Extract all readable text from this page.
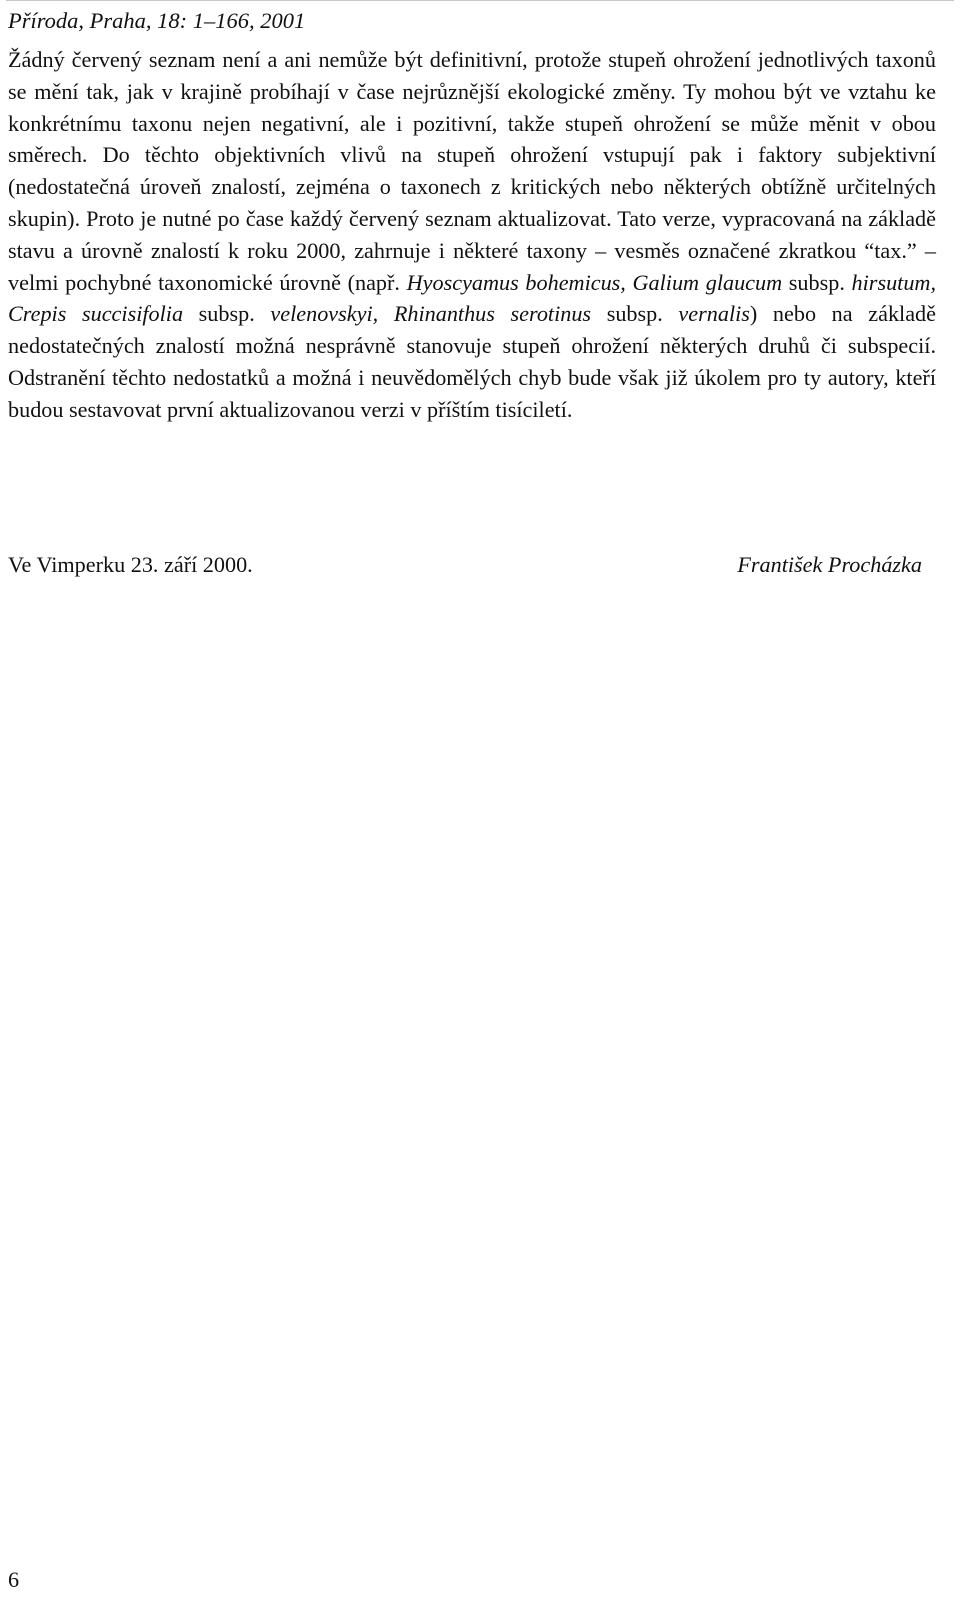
Příroda, Praha, 18: 1–166, 2001

Žádný červený seznam není a ani nemůže být definitivní, protože stupeň ohrožení jednotlivých taxonů se mění tak, jak v krajině probíhají v čase nejrůznější ekologické změny. Ty mohou být ve vztahu ke konkrétnímu taxonu nejen negativní, ale i pozitivní, takže stupeň ohrožení se může měnit v obou směrech. Do těchto objektivních vlivů na stupeň ohrožení vstupují pak i faktory subjektivní (nedostatečná úroveň znalostí, zejména o taxonech z kritických nebo některých obtížně určitelných skupin). Proto je nutné po čase každý červený seznam aktualizovat. Tato verze, vypracovaná na základě stavu a úrovně znalostí k roku 2000, zahrnuje i některé taxony – vesměs označené zkratkou “tax.” – velmi pochybné taxonomické úrovně (např. Hyoscyamus bohemicus, Galium glaucum subsp. hirsutum, Crepis succisifolia subsp. velenovskyi, Rhinanthus serotinus subsp. vernalis) nebo na základě nedostatečných znalostí možná nesprávně stanovuje stupeň ohrožení některých druhů či subspecií. Odstranění těchto nedostatků a možná i neuvědomělých chyb bude však již úkolem pro ty autory, kteří budou sestavovat první aktualizovanou verzi v příštím tisíciletí.

Ve Vimperku 23. září 2000.	František Procházka
6
